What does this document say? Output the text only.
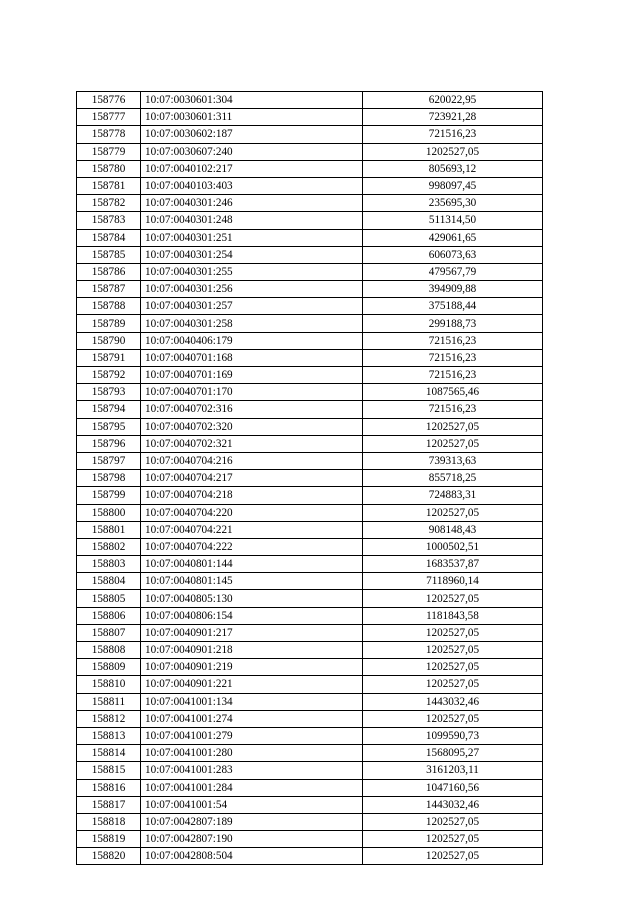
158776	10:07:0030601:304	620022,95
158777	10:07:0030601:311	723921,28
158778	10:07:0030602:187	721516,23
158779	10:07:0030607:240	1202527,05
158780	10:07:0040102:217	805693,12
158781	10:07:0040103:403	998097,45
158782	10:07:0040301:246	235695,30
158783	10:07:0040301:248	511314,50
158784	10:07:0040301:251	429061,65
158785	10:07:0040301:254	606073,63
158786	10:07:0040301:255	479567,79
158787	10:07:0040301:256	394909,88
158788	10:07:0040301:257	375188,44
158789	10:07:0040301:258	299188,73
158790	10:07:0040406:179	721516,23
158791	10:07:0040701:168	721516,23
158792	10:07:0040701:169	721516,23
158793	10:07:0040701:170	1087565,46
158794	10:07:0040702:316	721516,23
158795	10:07:0040702:320	1202527,05
158796	10:07:0040702:321	1202527,05
158797	10:07:0040704:216	739313,63
158798	10:07:0040704:217	855718,25
158799	10:07:0040704:218	724883,31
158800	10:07:0040704:220	1202527,05
158801	10:07:0040704:221	908148,43
158802	10:07:0040704:222	1000502,51
158803	10:07:0040801:144	1683537,87
158804	10:07:0040801:145	7118960,14
158805	10:07:0040805:130	1202527,05
158806	10:07:0040806:154	1181843,58
158807	10:07:0040901:217	1202527,05
158808	10:07:0040901:218	1202527,05
158809	10:07:0040901:219	1202527,05
158810	10:07:0040901:221	1202527,05
158811	10:07:0041001:134	1443032,46
158812	10:07:0041001:274	1202527,05
158813	10:07:0041001:279	1099590,73
158814	10:07:0041001:280	1568095,27
158815	10:07:0041001:283	3161203,11
158816	10:07:0041001:284	1047160,56
158817	10:07:0041001:54	1443032,46
158818	10:07:0042807:189	1202527,05
158819	10:07:0042807:190	1202527,05
158820	10:07:0042808:504	1202527,05
